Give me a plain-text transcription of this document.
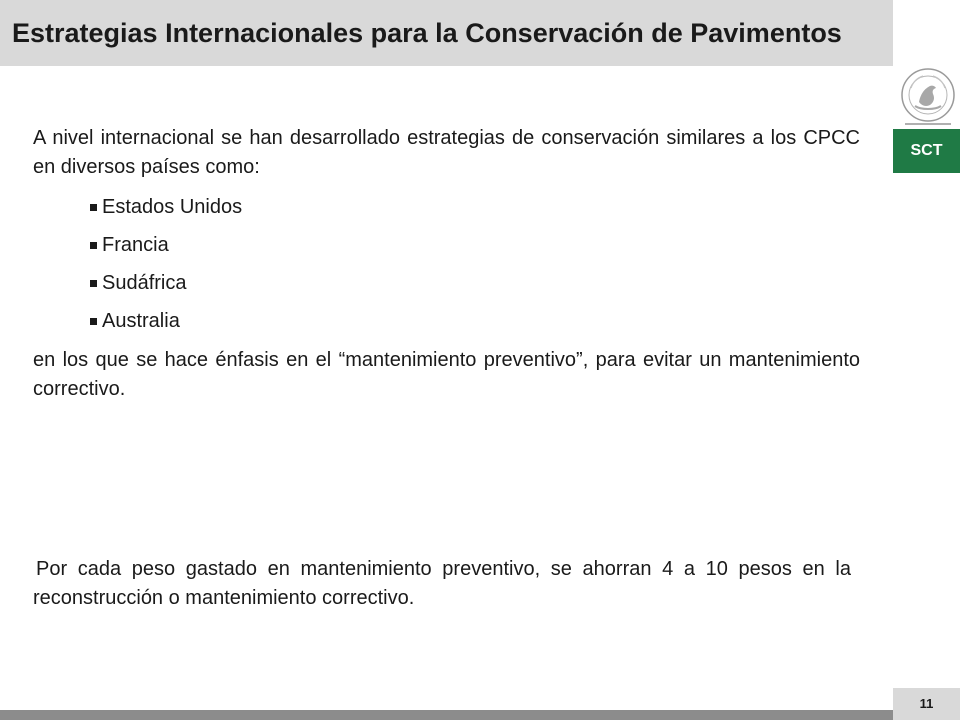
Estrategias Internacionales para la Conservación de Pavimentos
SCT

A nivel internacional se han desarrollado estrategias de conservación similares a los CPCC en diversos países como:

Estados Unidos
Francia
Sudáfrica
Australia

en los que se hace énfasis en el “mantenimiento preventivo”, para evitar un mantenimiento correctivo.

Por cada peso gastado en mantenimiento preventivo, se ahorran 4 a 10 pesos en la reconstrucción o mantenimiento correctivo.

11
